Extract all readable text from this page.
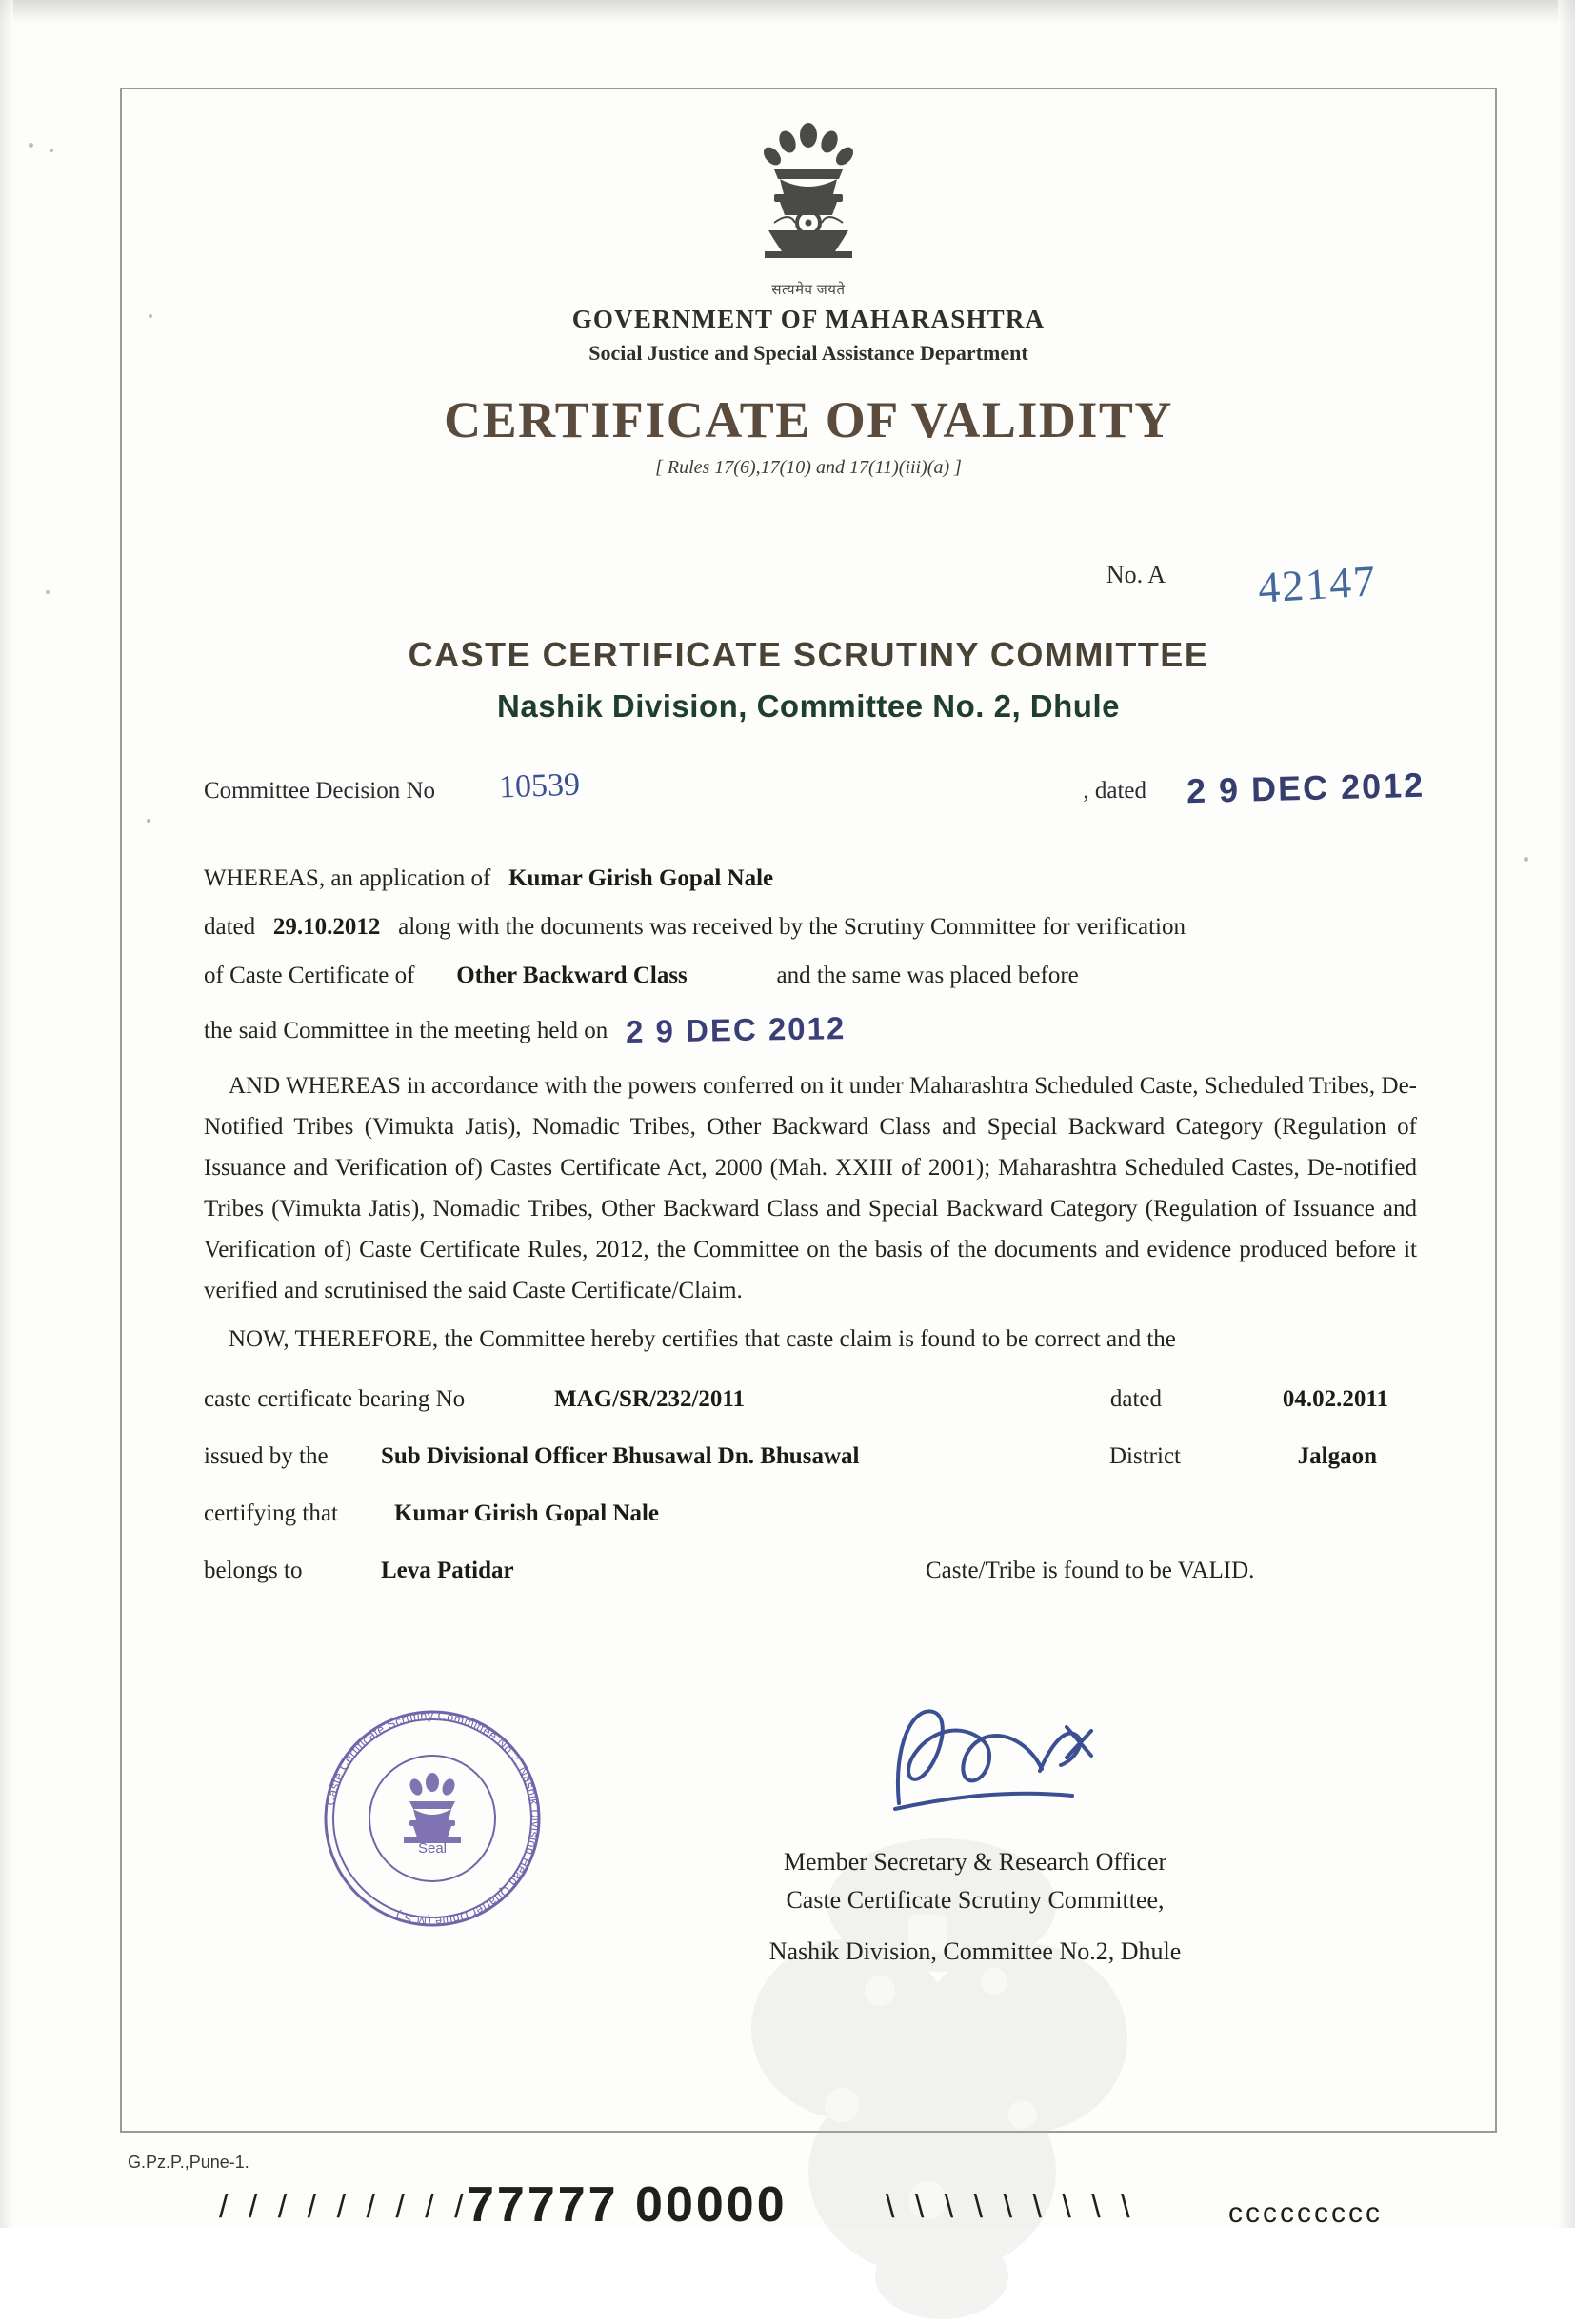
सत्यमेव जयते
GOVERNMENT OF MAHARASHTRA
Social Justice and Special Assistance Department
CERTIFICATE OF VALIDITY
[ Rules 17(6),17(10) and 17(11)(iii)(a) ]
No. A 42147
CASTE CERTIFICATE SCRUTINY COMMITTEE
Nashik Division, Committee No. 2, Dhule
Committee Decision No 10539	, dated 2 9 DEC 2012
WHEREAS, an application of Kumar Girish Gopal Nale
dated 29.10.2012 along with the documents was received by the Scrutiny Committee for verification
of Caste Certificate of Other Backward Class	and the same was placed before
the said Committee in the meeting held on 2 9 DEC 2012
AND WHEREAS in accordance with the powers conferred on it under Maharashtra Scheduled Caste, Scheduled Tribes, De-Notified Tribes (Vimukta Jatis), Nomadic Tribes, Other Backward Class and Special Backward Category (Regulation of Issuance and Verification of) Castes Certificate Act, 2000 (Mah. XXIII of 2001); Maharashtra Scheduled Castes, De-notified Tribes (Vimukta Jatis), Nomadic Tribes, Other Backward Class and Special Backward Category (Regulation of Issuance and Verification of) Caste Certificate Rules, 2012, the Committee on the basis of the documents and evidence produced before it verified and scrutinised the said Caste Certificate/Claim.
NOW, THEREFORE, the Committee hereby certifies that caste claim is found to be correct and the
caste certificate bearing No	MAG/SR/232/2011	dated	04.02.2011
issued by the Sub Divisional Officer Bhusawal Dn. Bhusawal	District	Jalgaon
certifying that Kumar Girish Gopal Nale
belongs to	Leva Patidar	Caste/Tribe is found to be VALID.
Caste Certificate Scrutiny Committee No.2, Nashik Division Head Quarter Dhule (M.S.)
Seal	Member Secretary & Research Officer
Caste Certificate Scrutiny Committee,
Nashik Division, Committee No.2, Dhule
G.Pz.P.,Pune-1.
/ / / / / / / / /
77777 00000	\ \ \ \ \ \ \ \ \	ccccccccc
